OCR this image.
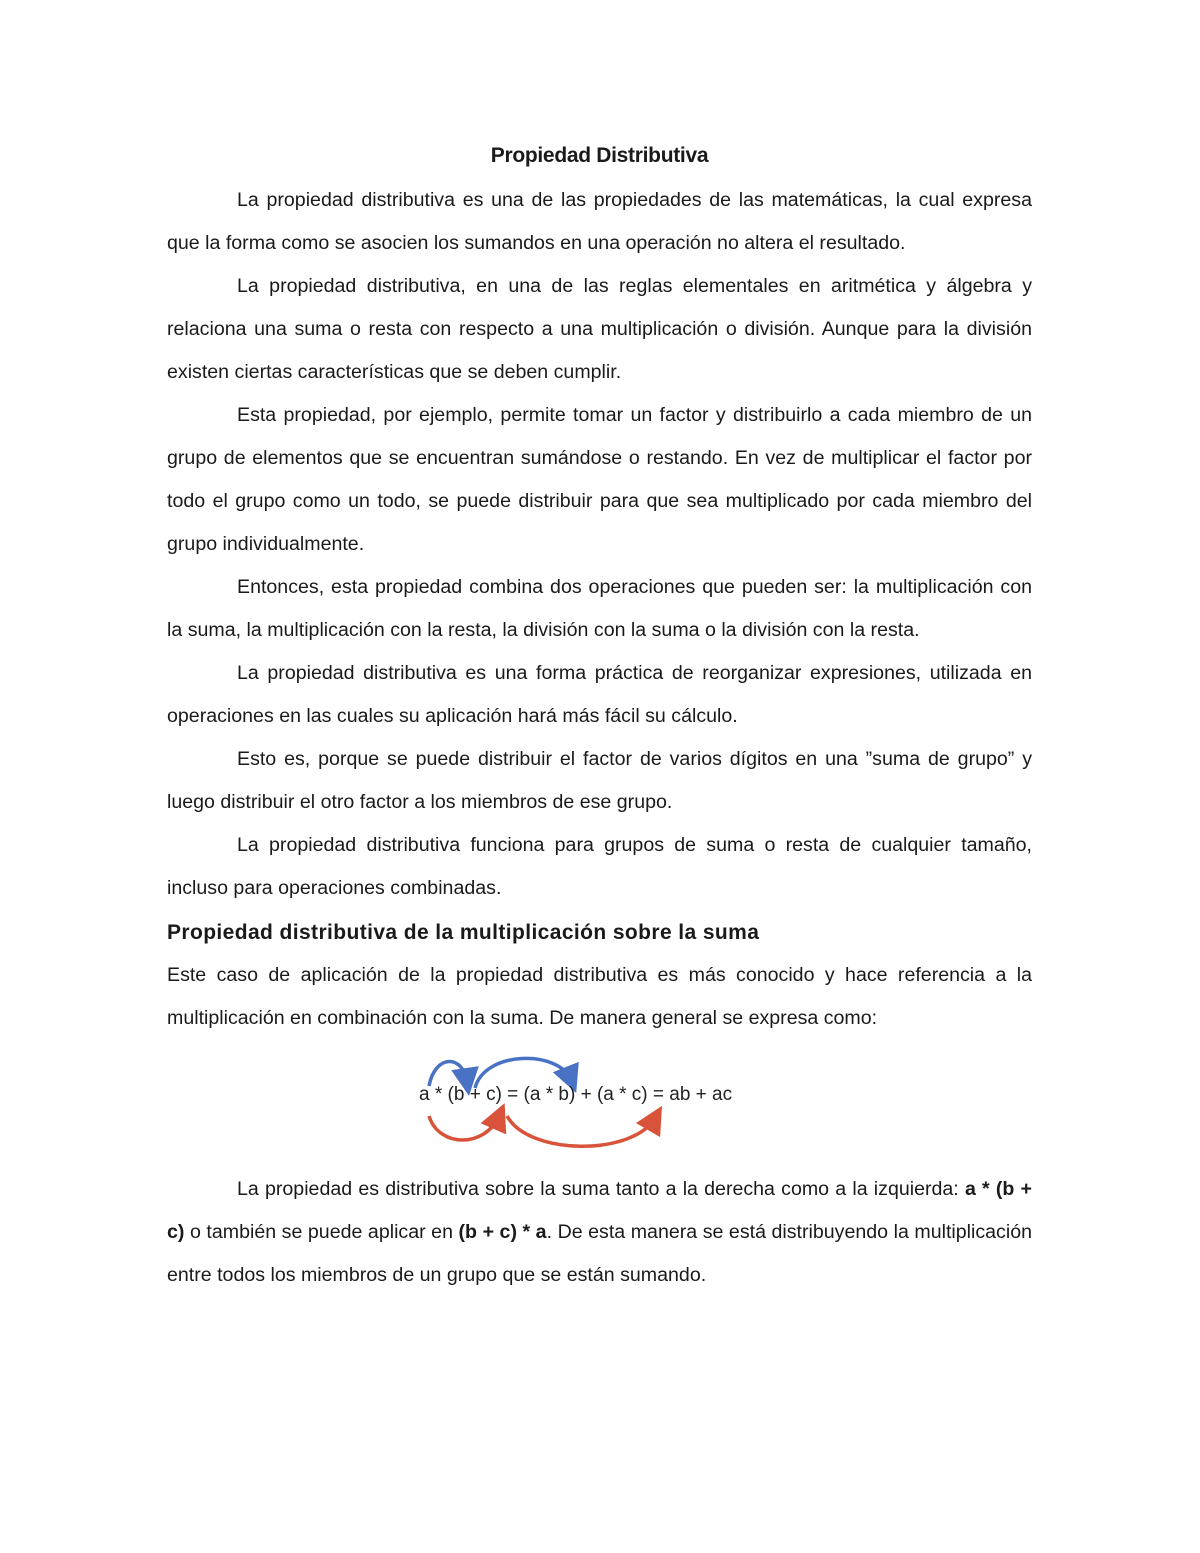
Propiedad Distributiva

La propiedad distributiva es una de las propiedades de las matemáticas, la cual expresa que la forma como se asocien los sumandos en una operación no altera el resultado.

La propiedad distributiva, en una de las reglas elementales en aritmética y álgebra y relaciona una suma o resta con respecto a una multiplicación o división. Aunque para la división existen ciertas características que se deben cumplir.

Esta propiedad, por ejemplo, permite tomar un factor y distribuirlo a cada miembro de un grupo de elementos que se encuentran sumándose o restando. En vez de multiplicar el factor por todo el grupo como un todo, se puede distribuir para que sea multiplicado por cada miembro del grupo individualmente.

Entonces, esta propiedad combina dos operaciones que pueden ser: la multiplicación con la suma, la multiplicación con la resta, la división con la suma o la división con la resta.

La propiedad distributiva es una forma práctica de reorganizar expresiones, utilizada en operaciones en las cuales su aplicación hará más fácil su cálculo.

Esto es, porque se puede distribuir el factor de varios dígitos en una ”suma de grupo” y luego distribuir el otro factor a los miembros de ese grupo.

La propiedad distributiva funciona para grupos de suma o resta de cualquier tamaño, incluso para operaciones combinadas.

Propiedad distributiva de la multiplicación sobre la suma

Este caso de aplicación de la propiedad distributiva es más conocido y hace referencia a la multiplicación en combinación con la suma. De manera general se expresa como:

a * (b + c) = (a * b) + (a * c) = ab + ac

La propiedad es distributiva sobre la suma tanto a la derecha como a la izquierda: a * (b + c) o también se puede aplicar en (b + c) * a. De esta manera se está distribuyendo la multiplicación entre todos los miembros de un grupo que se están sumando.
